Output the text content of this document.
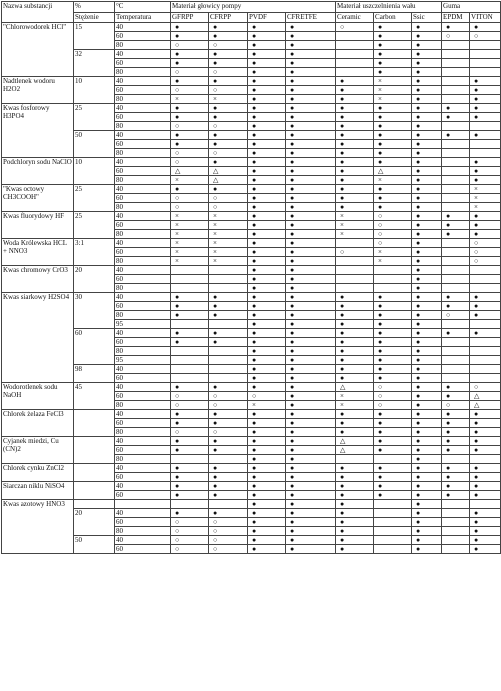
Nazwa substancji	%	°C	Materiał głowicy pompy				Materiał uszczelnienia wału			Guma	
	Stężenie	Temperatura	GFRPP	CFRPP	PVDF	CFRETFE	Ceramic	Carbon	Ssic	EPDM	VITON
"Chlorowodorek HCl"	15	40	●	●	●	●	○	●	●	●	●
		60	●	●	●	●		●	●	○	○
		80	○	○	●	●		●	●		
	32	40	●	●	●	●		●	●		
		60	●	●	●	●		●	●		
		80	○	○	●	●		●	●		
Nadtlenek wodoru H2O2	10	40	●	●	●	●	●	×	●		●
		60	○	○	●	●	●	×	●		●
		80	×	×	●	●	●	×	●		●
Kwas fosforowy H3PO4	25	40	●	●	●	●	●	●	●	●	●
		60	●	●	●	●	●	●	●	●	●
		80	○	○	●	●	●	●	●		
	50	40	●	●	●	●	●	●	●	●	●
		60	●	●	●	●	●	●	●		
		80	○	○	●	●	●	●	●		
Podchloryn sodu NaClO	10	40	○	●	●	●	●	●	●		●
		60	△	△	●	●	●	△	●		●
		80	×	△	●	●	●	×	●		●
"Kwas octowy CH3COOH"	25	40	●	●	●	●	●	●	●		×
		60	○	○	●	●	●	●	●		×
		80	○	○	●	●	●	●	●		×
Kwas fluorydowy HF	25	40	×	×	●	●	×	○	●	●	●
		60	×	×	●	●	×	○	●	●	●
		80	×	×	●	●	×	○	●	●	●
Woda Królewska HCL + NNO3	3:1	40	×	×	●	●		○	●		○
		60	×	×	●	●	○	×	●		○
		80	×	×	●	●		×	●		○
Kwas chromowy CrO3	20	40			●	●			●		
		60			●	●			●		
		80			●	●			●		
Kwas siarkowy H2SO4	30	40	●	●	●	●	●	●	●	●	●
		60	●	●	●	●	●	●	●	●	●
		80	●	●	●	●	●	●	●	○	●
		95			●	●	●	●	●		
	60	40	●	●	●	●	●	●	●	●	●
		60	●	●	●	●	●	●	●		
		80			●	●	●	●	●		
		95			●	●	●	●	●		
	98	40			●	●	●	●	●		
		60			●	●	●	●	●		
Wodorotlenek sodu NaOH	45	40	●	●	●	●	△	○	●	●	○
		60	○	○	○	●	×	○	●	●	△
		80	○	○	×	●	×	○	●	○	△
Chlorek żelaza FeCl3		40	●	●	●	●	●	●	●	●	●
		60	●	●	●	●	●	●	●	●	●
		80	○	○	●	●	●	●	●	●	●
Cyjanek miedzi, Cu (CN)2		40	●	●	●	●	△	●	●	●	●
		60	●	●	●	●	△	●	●	●	●
		80			●	●			●		
Chlorek cynku ZnCl2		40	●	●	●	●	●	●	●	●	●
		60	●	●	●	●	●	●	●	●	●
Siarczan niklu NiSO4		40	●	●	●	●	●	●	●	●	●
		60	●	●	●	●	●	●	●	●	●
Kwas azotowy HNO3					●	●	●		●		
	20	40	●	●	●	●	●		●		●
		60	○	○	●	●	●		●		●
		80	○	○	●	●	●		●		●
	50	40	○	○	●	●	●		●		●
		60	○	○	●	●	●		●		●
